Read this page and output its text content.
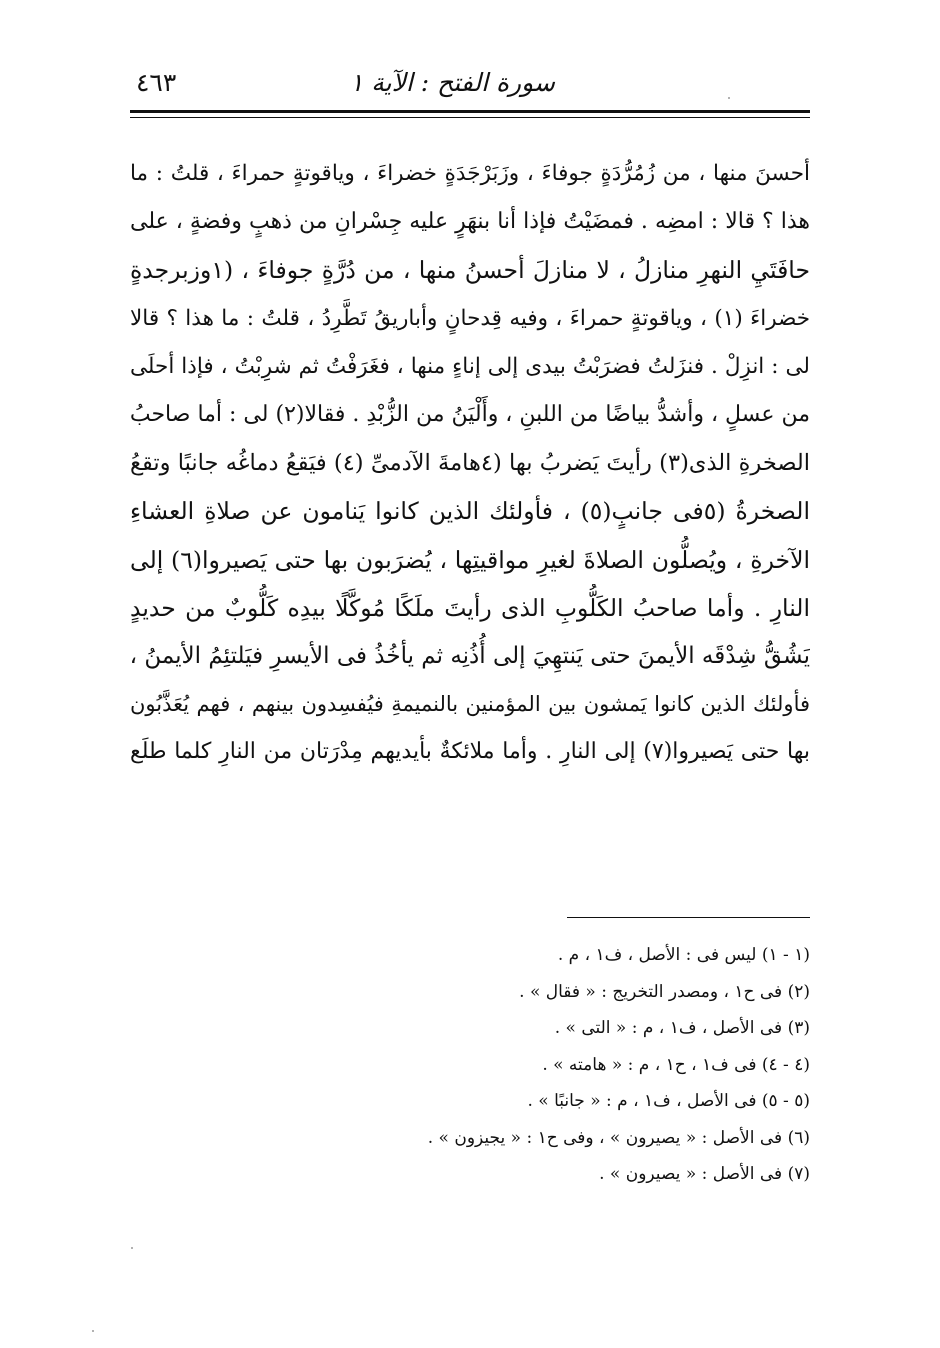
سورة الفتح : الآية ١
٤٦٣
أحسنَ منها ، من زُمُرُّدَةٍ جوفاءَ ، وزَبَرْجَدَةٍ خضراءَ ، وياقوتةٍ حمراءَ ، قلتُ : ما
هذا ؟ قالا : امضِه . فمضَيْتُ فإذا أنا بنهَرٍ عليه جِسْرانِ من ذهبٍ وفضةٍ ، على
حافَتَيِ النهرِ منازلُ ، لا منازلَ أحسنُ منها ، من دُرَّةٍ جوفاءَ ، (١وزبرجدةٍ
خضراءَ (١) ، وياقوتةٍ حمراءَ ، وفيه قِدحانٍ وأباريقُ تَطَّرِدُ ، قلتُ : ما هذا ؟ قالا
لى : انزِلْ . فنزَلتُ فضرَبْتُ بيدى إلى إناءٍ منها ، فغَرَفْتُ ثم شرِبْتُ ، فإذا أحلَى
من عسلٍ ، وأشدُّ بياضًا من اللبنِ ، وأَلْيَنُ من الزُّبْدِ . فقالا(٢) لى : أما صاحبُ
الصخرةِ الذى(٣) رأيتَ يَضربُ بها (٤هامةَ الآدمىِّ (٤) فيَقعُ دماغُه جانبًا وتقعُ
الصخرةُ (٥فى جانبٍ(٥) ، فأولئك الذين كانوا يَنامون عن صلاةِ العشاءِ
الآخرةِ ، ويُصلُّون الصلاةَ لغيرِ مواقيتِها ، يُضرَبون بها حتى يَصيروا(٦) إلى
النارِ . وأما صاحبُ الكَلُّوبِ الذى رأيتَ ملَكًا مُوكَّلًا بيدِه كَلُّوبٌ من حديدٍ
يَشُقُّ شِدْقَه الأيمنَ حتى يَنتهِيَ إلى أُذُنِه ثم يأخُذُ فى الأيسرِ فيَلتئِمُ الأيمنُ ،
فأولئك الذين كانوا يَمشون بين المؤمنين بالنميمةِ فيُفسِدون بينهم ، فهم يُعَذَّبُون
بها حتى يَصيروا(٧) إلى النارِ . وأما ملائكةٌ بأيديهم مِدْرَتان من النارِ كلما طلَع
(١ - ١) ليس فى : الأصل ، ف١ ، م .
(٢) فى ح١ ، ومصدر التخريج : « فقال » .
(٣) فى الأصل ، ف١ ، م : « التى » .
(٤ - ٤) فى ف١ ، ح١ ، م : « هامته » .
(٥ - ٥) فى الأصل ، ف١ ، م : « جانبًا » .
(٦) فى الأصل : « يصيرون » ، وفى ح١ : « يجيزون » .
(٧) فى الأصل : « يصيرون » .
